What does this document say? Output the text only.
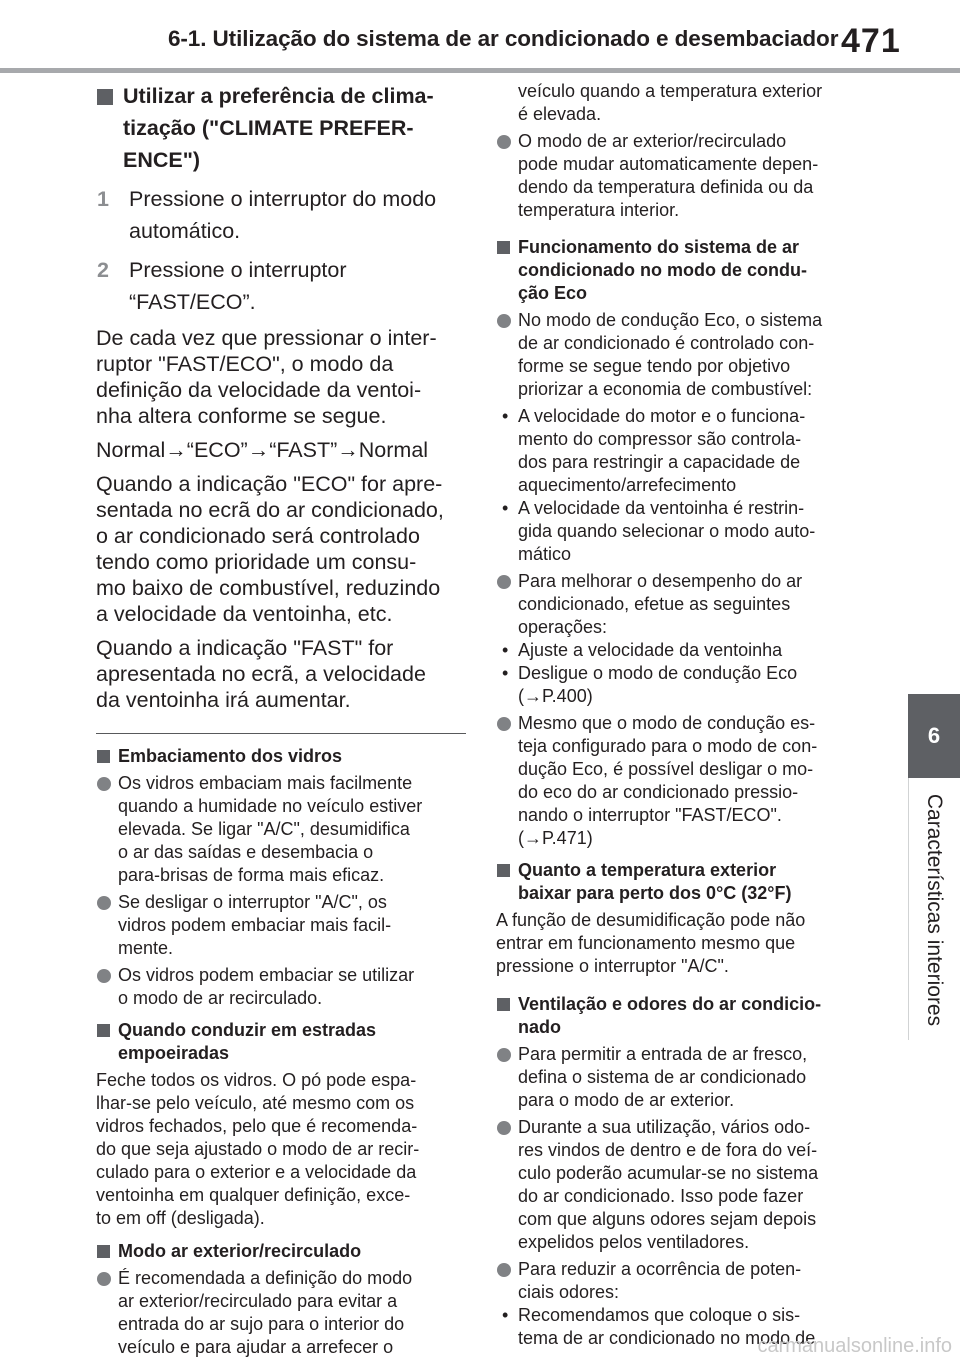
6-1. Utilização do sistema de ar condicionado e desembaciador 471
6
Características interiores
Utilizar a preferência de clima-
tização ("CLIMATE PREFER-
ENCE")
1 Pressione o interruptor do modo
automático.
2 Pressione o interruptor
“FAST/ECO”.
De cada vez que pressionar o inter-
ruptor "FAST/ECO", o modo da
definição da velocidade da ventoi-
nha altera conforme se segue.
Normal→“ECO”→“FAST”→Normal
Quando a indicação "ECO" for apre-
sentada no ecrã do ar condicionado,
o ar condicionado será controlado
tendo como prioridade um consu-
mo baixo de combustível, reduzindo
a velocidade da ventoinha, etc.
Quando a indicação "FAST" for
apresentada no ecrã, a velocidade
da ventoinha irá aumentar.
Embaciamento dos vidros
Os vidros embaciam mais facilmente
quando a humidade no veículo estiver
elevada. Se ligar "A/C", desumidifica
o ar das saídas e desembacia o
para-brisas de forma mais eficaz.
Se desligar o interruptor "A/C", os
vidros podem embaciar mais facil-
mente.
Os vidros podem embaciar se utilizar
o modo de ar recirculado.
Quando conduzir em estradas
empoeiradas
Feche todos os vidros. O pó pode espa-
lhar-se pelo veículo, até mesmo com os
vidros fechados, pelo que é recomenda-
do que seja ajustado o modo de ar recir-
culado para o exterior e a velocidade da
ventoinha em qualquer definição, exce-
to em off (desligada).
Modo ar exterior/recirculado
É recomendada a definição do modo
ar exterior/recirculado para evitar a
entrada do ar sujo para o interior do
veículo e para ajudar a arrefecer o
veículo quando a temperatura exterior
é elevada.
O modo de ar exterior/recirculado
pode mudar automaticamente depen-
dendo da temperatura definida ou da
temperatura interior.
Funcionamento do sistema de ar
condicionado no modo de condu-
ção Eco
No modo de condução Eco, o sistema
de ar condicionado é controlado con-
forme se segue tendo por objetivo
priorizar a economia de combustível:
• A velocidade do motor e o funciona-
mento do compressor são controla-
dos para restringir a capacidade de
aquecimento/arrefecimento
• A velocidade da ventoinha é restrin-
gida quando selecionar o modo auto-
mático
Para melhorar o desempenho do ar
condicionado, efetue as seguintes
operações:
• Ajuste a velocidade da ventoinha
• Desligue o modo de condução Eco
(→P.400)
Mesmo que o modo de condução es-
teja configurado para o modo de con-
dução Eco, é possível desligar o mo-
do eco do ar condicionado pressio-
nando o interruptor "FAST/ECO".
(→P.471)
Quanto a temperatura exterior
baixar para perto dos 0°C (32°F)
A função de desumidificação pode não
entrar em funcionamento mesmo que
pressione o interruptor "A/C".
Ventilação e odores do ar condicio-
nado
Para permitir a entrada de ar fresco,
defina o sistema de ar condicionado
para o modo de ar exterior.
Durante a sua utilização, vários odo-
res vindos de dentro e de fora do veí-
culo poderão acumular-se no sistema
do ar condicionado. Isso pode fazer
com que alguns odores sejam depois
expelidos pelos ventiladores.
Para reduzir a ocorrência de poten-
ciais odores:
• Recomendamos que coloque o sis-
tema de ar condicionado no modo de
carmanualsonline.info
